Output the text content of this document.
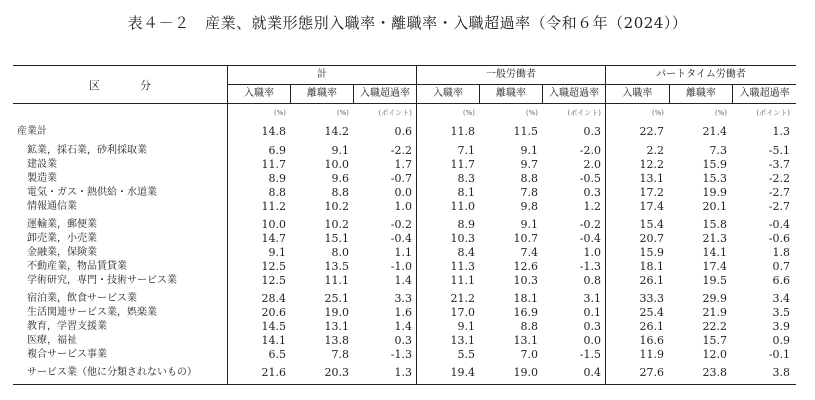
表４－２　産業、就業形態別入職率・離職率・入職超過率（令和６年（2024））
区分
計
入職率	離職率	入職超過率
一般労働者
入職率	離職率	入職超過率
パートタイム労働者
入職率	離職率	入職超過率
(%)	(%)	(ポイント)	(%)	(%)	(ポイント)	(%)	(%)	(ポイント)
産業計	14.8	14.2	0.6	11.8	11.5	0.3	22.7	21.4	1.3
鉱業，採石業，砂利採取業	6.9	9.1	-2.2	7.1	9.1	-2.0	2.2	7.3	-5.1
建設業	11.7	10.0	1.7	11.7	9.7	2.0	12.2	15.9	-3.7
製造業	8.9	9.6	-0.7	8.3	8.8	-0.5	13.1	15.3	-2.2
電気・ガス・熱供給・水道業	8.8	8.8	0.0	8.1	7.8	0.3	17.2	19.9	-2.7
情報通信業	11.2	10.2	1.0	11.0	9.8	1.2	17.4	20.1	-2.7
運輸業，郵便業	10.0	10.2	-0.2	8.9	9.1	-0.2	15.4	15.8	-0.4
卸売業，小売業	14.7	15.1	-0.4	10.3	10.7	-0.4	20.7	21.3	-0.6
金融業，保険業	9.1	8.0	1.1	8.4	7.4	1.0	15.9	14.1	1.8
不動産業，物品賃貸業	12.5	13.5	-1.0	11.3	12.6	-1.3	18.1	17.4	0.7
学術研究，専門・技術サービス業	12.5	11.1	1.4	11.1	10.3	0.8	26.1	19.5	6.6
宿泊業，飲食サービス業	28.4	25.1	3.3	21.2	18.1	3.1	33.3	29.9	3.4
生活関連サービス業，娯楽業	20.6	19.0	1.6	17.0	16.9	0.1	25.4	21.9	3.5
教育，学習支援業	14.5	13.1	1.4	9.1	8.8	0.3	26.1	22.2	3.9
医療，福祉	14.1	13.8	0.3	13.1	13.1	0.0	16.6	15.7	0.9
複合サービス事業	6.5	7.8	-1.3	5.5	7.0	-1.5	11.9	12.0	-0.1
サービス業（他に分類されないもの）	21.6	20.3	1.3	19.4	19.0	0.4	27.6	23.8	3.8
